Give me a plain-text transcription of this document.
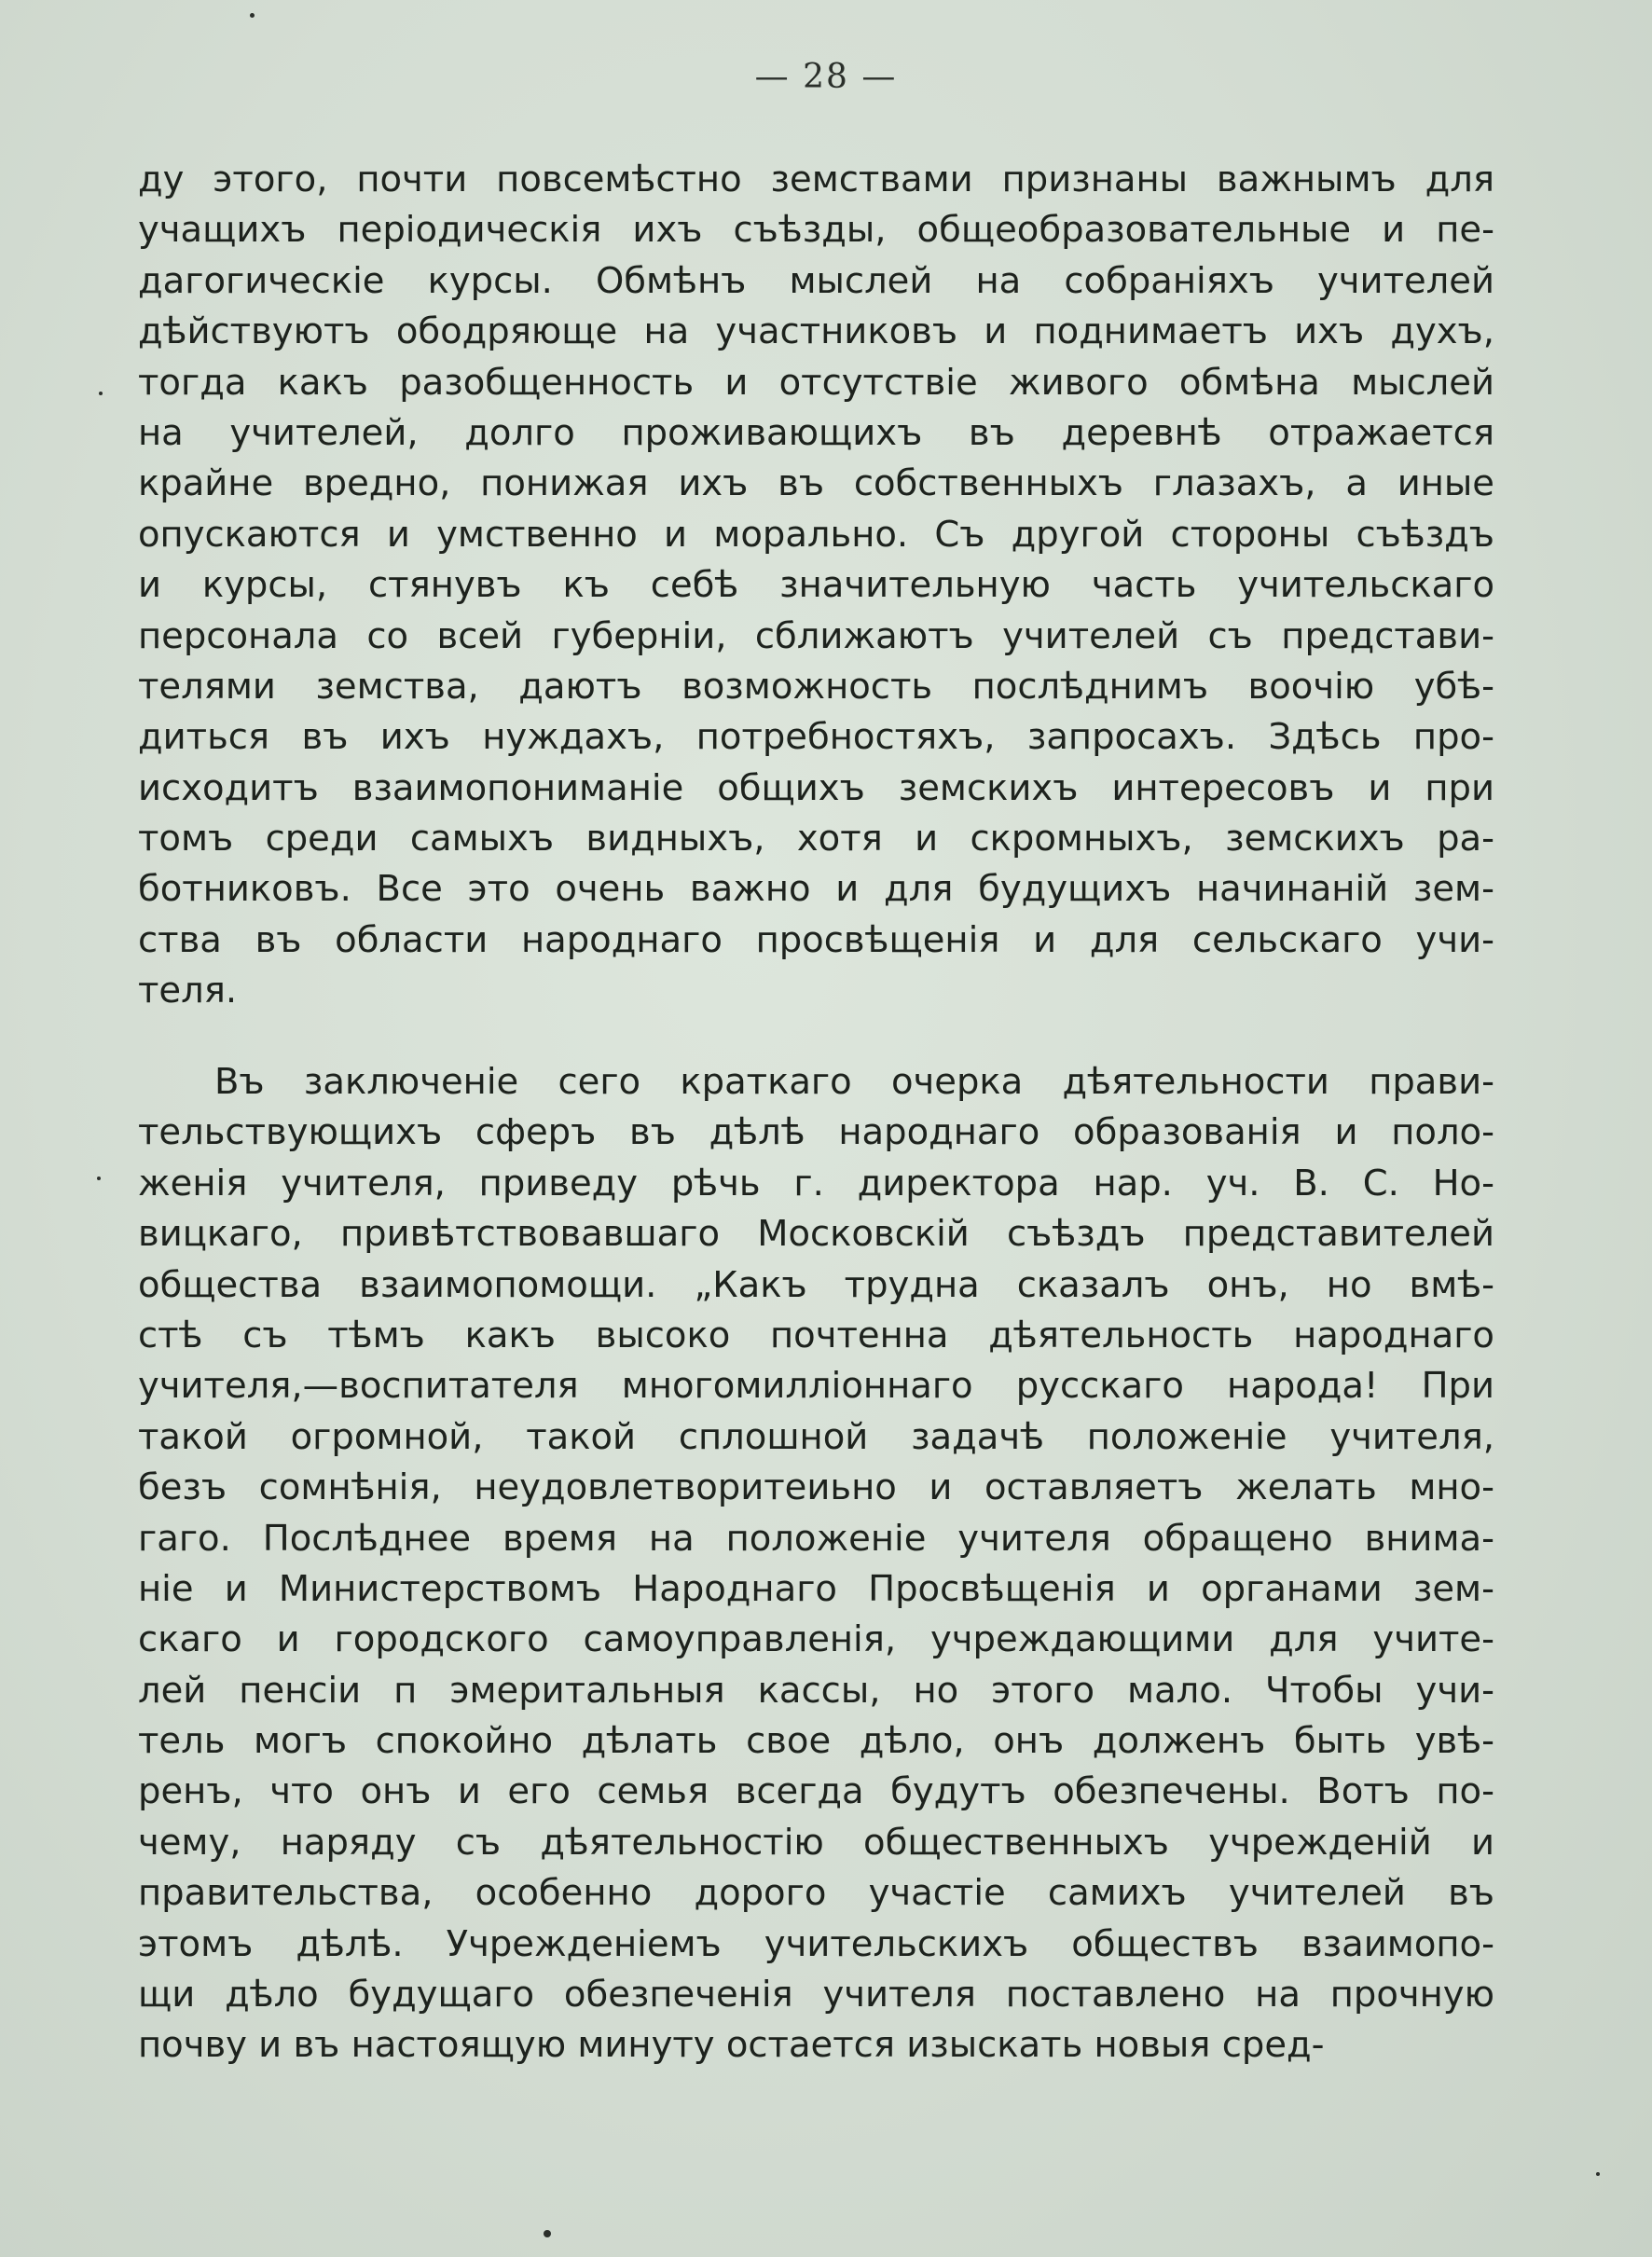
— 28 —
ду этого, почти повсемѣстно земствами признаны важнымъ для
учащихъ періодическія ихъ съѣзды, общеобразовательные и пе-
дагогическіе курсы. Обмѣнъ мыслей на собраніяхъ учителей
дѣйствуютъ ободряюще на участниковъ и поднимаетъ ихъ духъ,
тогда какъ разобщенность и отсутствіе живого обмѣна мыслей
на учителей, долго проживающихъ въ деревнѣ отражается
крайне вредно, понижая ихъ въ собственныхъ глазахъ, а иные
опускаются и умственно и морально. Съ другой стороны съѣздъ
и курсы, стянувъ къ себѣ значительную часть учительскаго
персонала со всей губерніи, сближаютъ учителей съ представи-
телями земства, даютъ возможность послѣднимъ воочію убѣ-
диться въ ихъ нуждахъ, потребностяхъ, запросахъ. Здѣсь про-
исходитъ взаимопониманіе общихъ земскихъ интересовъ и при
томъ среди самыхъ видныхъ, хотя и скромныхъ, земскихъ ра-
ботниковъ. Все это очень важно и для будущихъ начинаній зем-
ства въ области народнаго просвѣщенія и для сельскаго учи-
теля.
Въ заключеніе сего краткаго очерка дѣятельности прави-
тельствующихъ сферъ въ дѣлѣ народнаго образованія и поло-
женія учителя, приведу рѣчь г. директора нар. уч. В. С. Но-
вицкаго, привѣтствовавшаго Московскій съѣздъ представителей
общества взаимопомощи. „Какъ трудна сказалъ онъ, но вмѣ-
стѣ съ тѣмъ какъ высоко почтенна дѣятельность народнаго
учителя,—воспитателя многомилліоннаго русскаго народа! При
такой огромной, такой сплошной задачѣ положеніе учителя,
безъ сомнѣнія, неудовлетворитеиьно и оставляетъ желать мно-
гаго. Послѣднее время на положеніе учителя обращено внима-
ніе и Министерствомъ Народнаго Просвѣщенія и органами зем-
скаго и городского самоуправленія, учреждающими для учите-
лей пенсіи п эмеритальныя кассы, но этого мало. Чтобы учи-
тель могъ спокойно дѣлать свое дѣло, онъ долженъ быть увѣ-
ренъ, что онъ и его семья всегда будутъ обезпечены. Вотъ по-
чему, наряду съ дѣятельностію общественныхъ учрежденій и
правительства, особенно дорого участіе самихъ учителей въ
этомъ дѣлѣ. Учрежденіемъ учительскихъ обществъ взаимопо-
щи дѣло будущаго обезпеченія учителя поставлено на прочную
почву и въ настоящую минуту остается изыскать новыя сред-
